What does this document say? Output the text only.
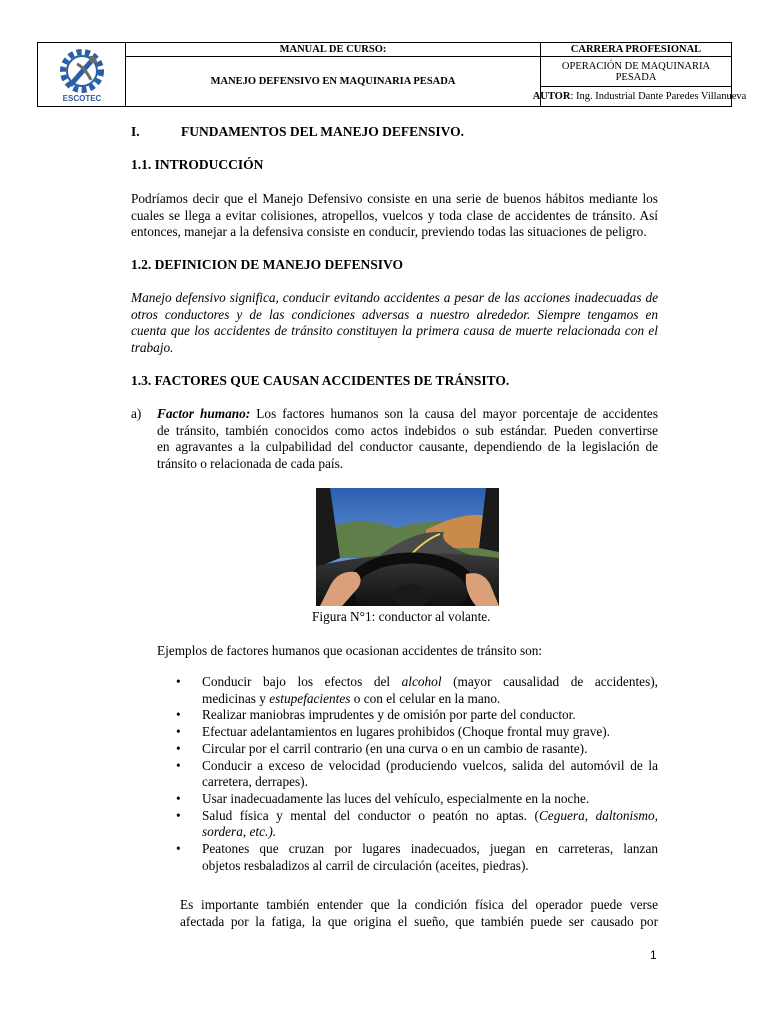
ESCOTEC
MANUAL DE CURSO:
MANEJO DEFENSIVO EN MAQUINARIA PESADA
CARRERA PROFESIONAL
OPERACIÓN DE MAQUINARIA PESADA
AUTOR : Ing. Industrial Dante Paredes Villanueva
I.	FUNDAMENTOS DEL MANEJO DEFENSIVO.
1.1. INTRODUCCIÓN
Podríamos decir que el Manejo Defensivo consiste en una serie de buenos hábitos mediante los
cuales se llega a evitar colisiones, atropellos, vuelcos y toda clase de accidentes de tránsito. Así
entonces, manejar a la defensiva consiste en conducir, previendo todas las situaciones de peligro.
1.2. DEFINICION DE MANEJO DEFENSIVO
Manejo defensivo significa, conducir evitando accidentes a pesar de las acciones inadecuadas de
otros conductores y de las condiciones adversas a nuestro alrededor. Siempre tengamos en
cuenta que los accidentes de tránsito constituyen la primera causa de muerte relacionada con el
trabajo.
1.3. FACTORES QUE CAUSAN ACCIDENTES DE TRÁNSITO.
a) Factor humano: Los factores humanos son la causa del mayor porcentaje de accidentes
de tránsito, también conocidos como actos indebidos o sub estándar. Pueden convertirse
en agravantes a la culpabilidad del conductor causante, dependiendo de la legislación de
tránsito o relacionada de cada país.
Figura N°1: conductor al volante.
Ejemplos de factores humanos que ocasionan accidentes de tránsito son:
•	Conducir bajo los efectos del alcohol (mayor causalidad de accidentes),
medicinas y estupefacientes o con el celular en la mano.
•	Realizar maniobras imprudentes y de omisión por parte del conductor.
•	Efectuar adelantamientos en lugares prohibidos (Choque frontal muy grave).
•	Circular por el carril contrario (en una curva o en un cambio de rasante).
•	Conducir a exceso de velocidad (produciendo vuelcos, salida del automóvil de la
carretera, derrapes).
•	Usar inadecuadamente las luces del vehículo, especialmente en la noche.
•	Salud física y mental del conductor o peatón no aptas. (Ceguera, daltonismo,
sordera, etc.).
•	Peatones que cruzan por lugares inadecuados, juegan en carreteras, lanzan
objetos resbaladizos al carril de circulación (aceites, piedras).
Es importante también entender que la condición física del operador puede verse
afectada por la fatiga, la que origina el sueño, que también puede ser causado por
1
